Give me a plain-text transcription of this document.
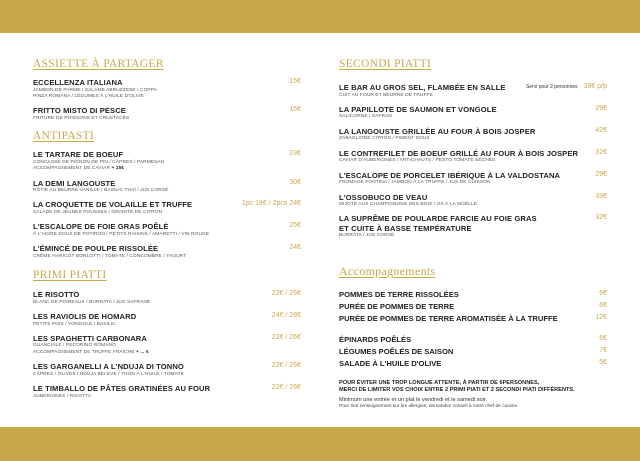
ASSIETTE À PARTAGER

ECCELLENZA ITALIANA
JAMBON DE PARME / SALAME ABRUZZESE / COPPA
PINZA ROMANA / LÉGUMES À L'HUILE D'OLIVE
15€
FRITTO MISTO DI PESCE
FRITURE DE POISSONS ET CRUSTACÉS
15€

ANTIPASTI

LE TARTARE DE BOEUF
CONCASSÉ DE PIGNON DE PIN / CÂPRES / PARMESAN
ACCOMPAGNEMENT DE CAVIAR + 15€
23€
LA DEMI LANGOUSTE
RÔTIE AU BEURRE VANILLE / BASILIC THAÏ / JUS CORSÉ
30€
LA CROQUETTE DE VOLAILLE ET TRUFFE
SALADE DE JEUNES POUSSES / GRANITÉ DE CITRON
1pc 18€ / 2pcs 24€
L'ESCALOPE DE FOIE GRAS POÊLÉ
À L'AIGRE DOUX DE POTIRON / PETITS RAISINS / AMARETTI / VIN ROUGE
25€
L'ÉMINCÉ DE POULPE RISSOLÉE
CRÈME HARICOT BORLOTTI / TOMATE / CONCOMBRE / YAOURT
24€

PRIMI PIATTI

LE RISOTTO
BLANC DE POIREAUX / BURRATA / JUS SAFRANÉ
22€ / 26€
LES RAVIOLIS DE HOMARD
PETITS POIS / VONGOLE / BASILIC
24€ / 28€
LES SPAGHETTI CARBONARA
GUANCIALE / PECORINO ROMANO
ACCOMPAGNEMENT DE TRUFFE FRAÎCHE + ... €
22€ / 26€
LES GARGANELLI A L'NDUJA DI TONNO
CÂPRES / OLIVES / NDUJA BELEVE / THON À L'HUILE / TOMATE
22€ / 26€
LE TIMBALLO DE PÂTES GRATINÉES AU FOUR
AUBERGINES / RICOTTA
22€ / 26€

SECONDI PIATTI

LE BAR AU GROS SEL, FLAMBÉE EN SALLE
CUIT AU FOUR ET BEURRE DE TRUFFE
Servi pour 2 personnes 39€ p/p
LA PAPILLOTE DE SAUMON ET VONGOLE
SALICORNE / SAFRAN
29€
LA LANGOUSTE GRILLÉE AU FOUR À BOIS JOSPER
ZABAGLIONE CITRON / PIMENT DOUX
42€
LE CONTREFILET DE BOEUF GRILLÉ AU FOUR À BOIS JOSPER
CAVIAR D'AUBERGINES / ARTICHAUTS / PESTO TOMATE SÉCHÉE
32€
L'ESCALOPE DE PORCELET IBÉRIQUE À LA VALDOSTANA
FROMAGE FONTINA / JAMBON À LA TRUFFE / JUS DE CUISSON
29€
L'OSSOBUCO DE VEAU
MIJOTÉ AUX CHAMPIGNONS DES BOIS / OS À LA MOËLLE
33€
LA SUPRÊME DE POULARDE FARCIE AU FOIE GRAS
ET CUITE À BASSE TEMPÉRATURE
BURRATA / JUS CORSÉ
32€

Accompagnements

POMMES DE TERRE RISSOLÉES	6€
PURÉE DE POMMES DE TERRE	6€
PURÉE DE POMMES DE TERRE AROMATISÉE À LA TRUFFE	12€
ÉPINARDS POÊLÉS	6€
LÉGUMES POÊLÉS DE SAISON	7€
SALADE À L'HUILE D'OLIVE	5€
POUR ÉVITER UNE TROP LONGUE ATTENTE, À PARTIR DE 6PERSONNES,
MERCI DE LIMITER VOS CHOIX ENTRE 2 PRIMI PIATI ET 2 SECONDI PIATI DIFFÉRENTS.
Minimum une entrée et un plat le vendredi et le samedi soir.
Pour tout renseignement sur les allergies, demandez conseil à notre chef de cuisine.
